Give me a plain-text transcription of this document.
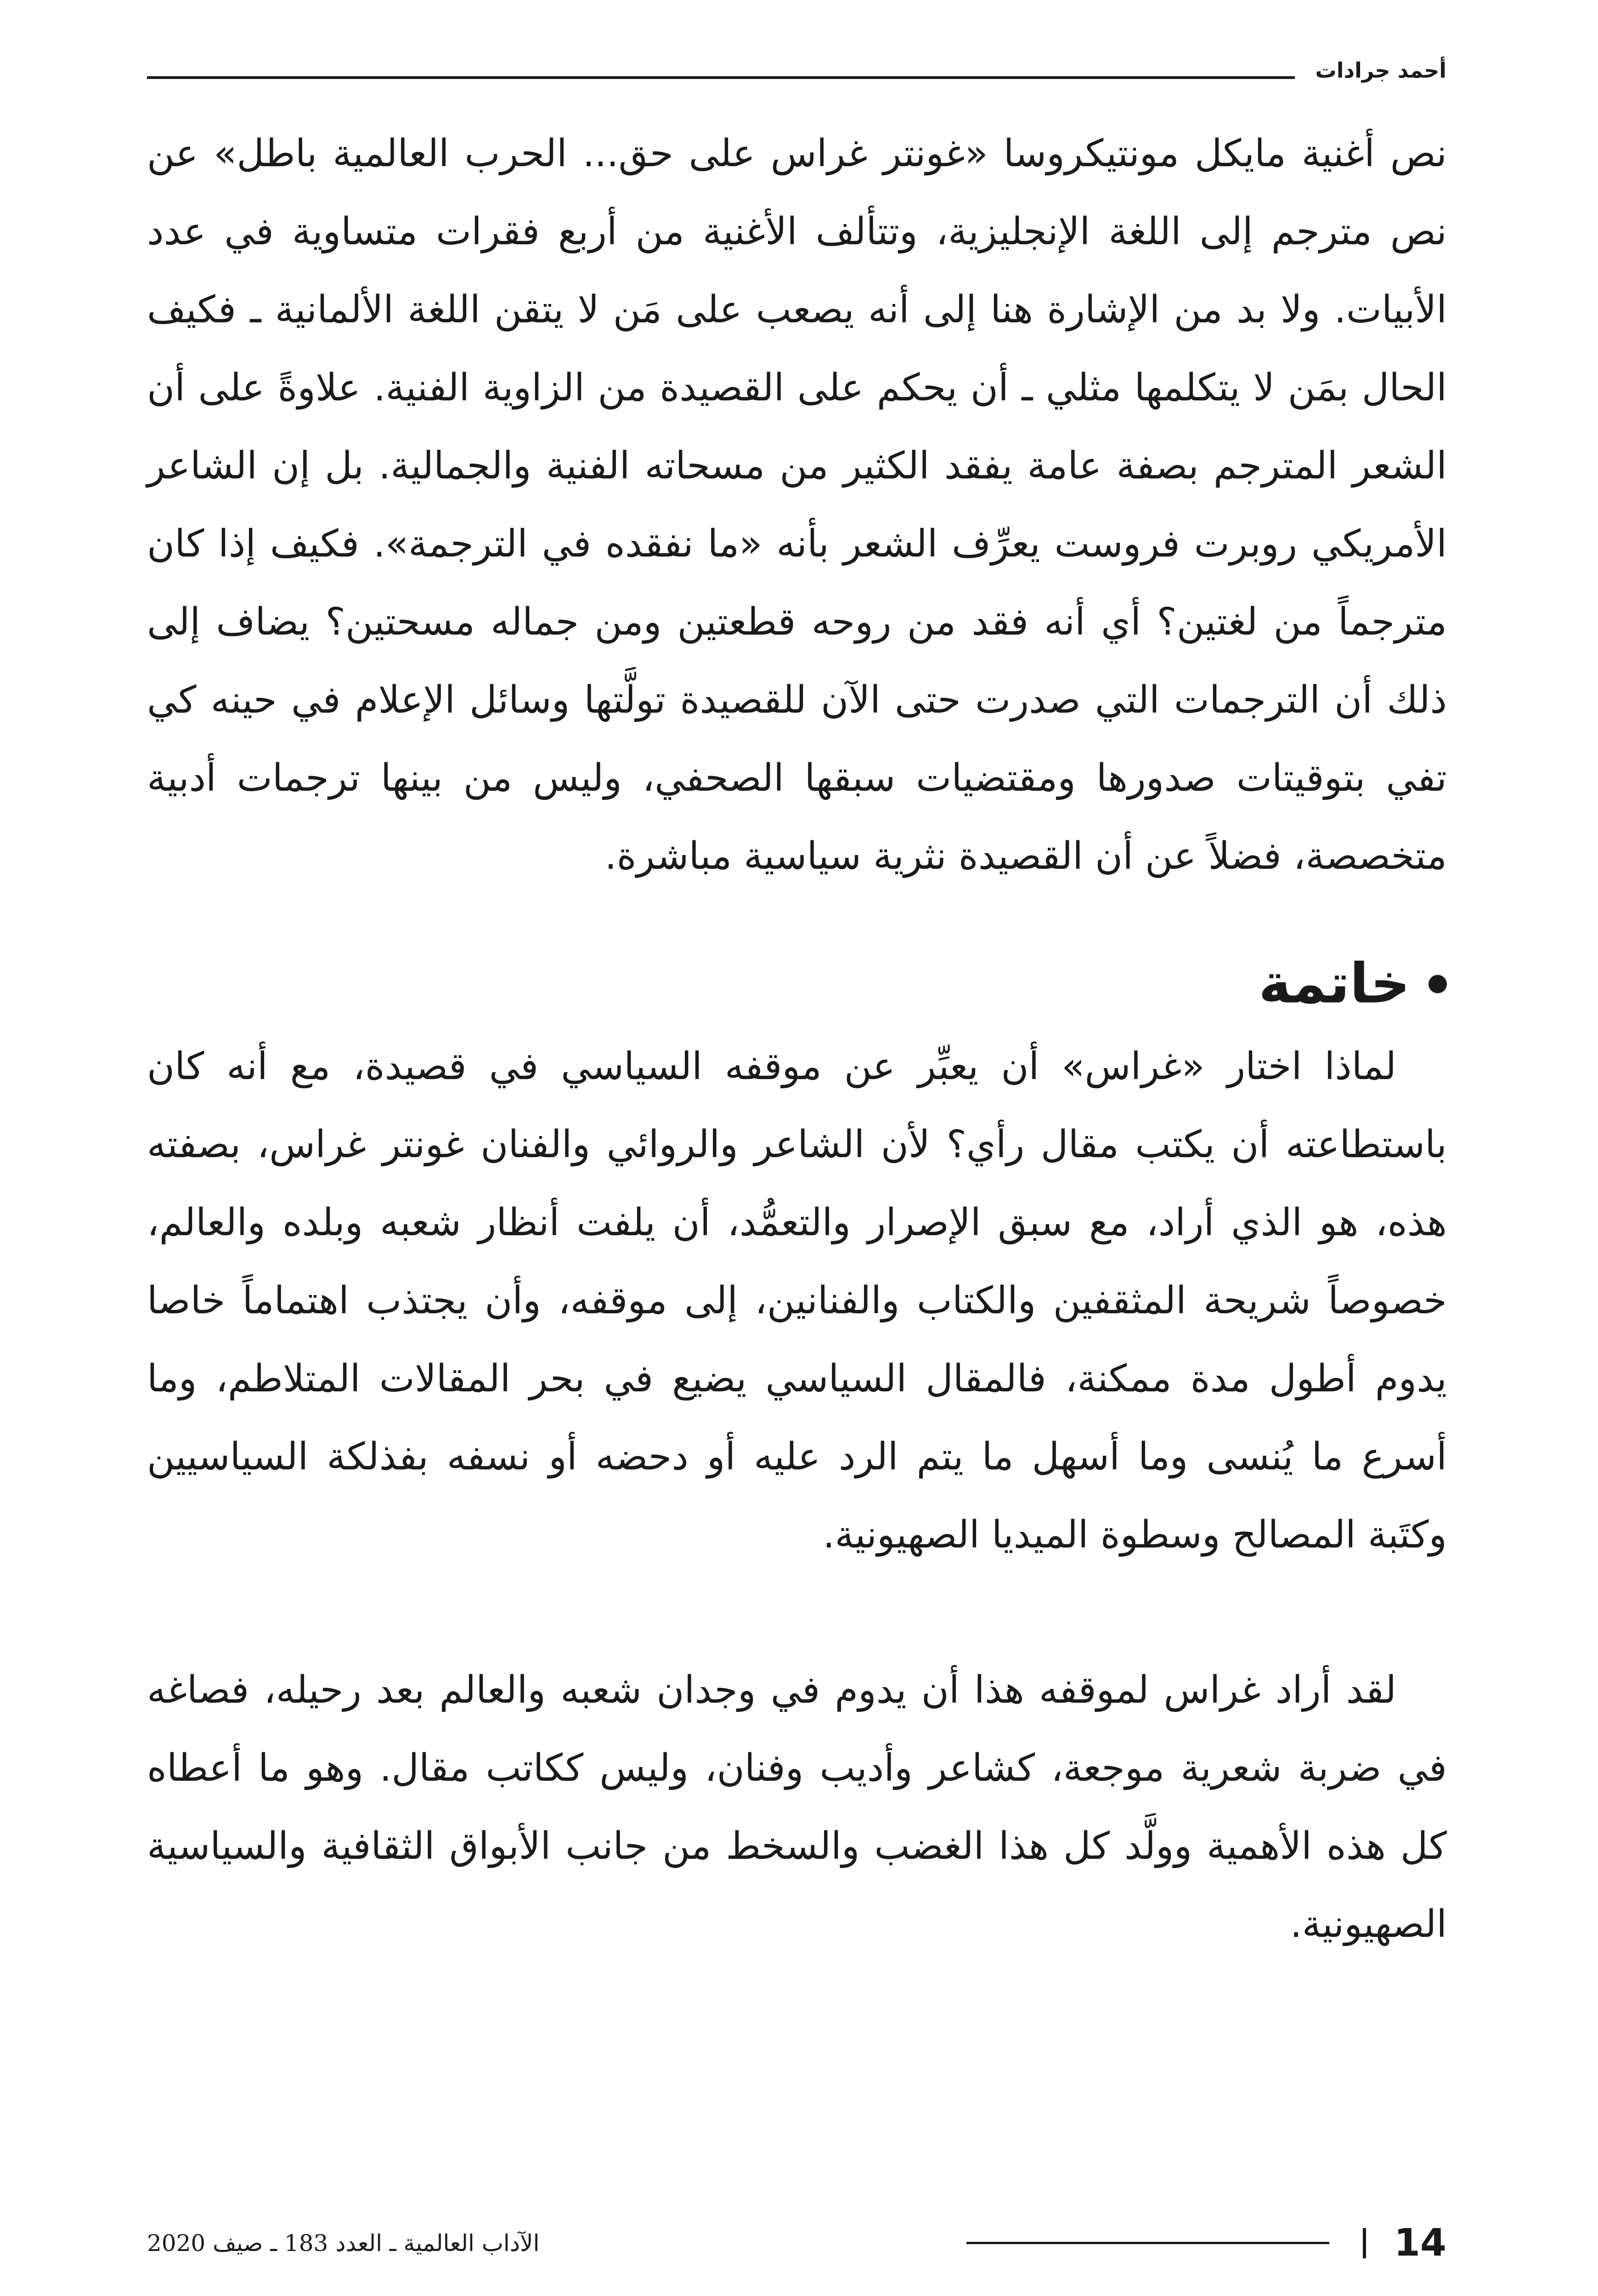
أحمد جرادات

نص أغنية مايكل مونتيكروسا «غونتر غراس على حق... الحرب العالمية باطل» عن نص مترجم إلى اللغة الإنجليزية، وتتألف الأغنية من أربع فقرات متساوية في عدد الأبيات. ولا بد من الإشارة هنا إلى أنه يصعب على مَن لا يتقن اللغة الألمانية ـ فكيف الحال بمَن لا يتكلمها مثلي ـ أن يحكم على القصيدة من الزاوية الفنية. علاوةً على أن الشعر المترجم بصفة عامة يفقد الكثير من مسحاته الفنية والجمالية. بل إن الشاعر الأمريكي روبرت فروست يعرِّف الشعر بأنه «ما نفقده في الترجمة». فكيف إذا كان مترجماً من لغتين؟ أي أنه فقد من روحه قطعتين ومن جماله مسحتين؟ يضاف إلى ذلك أن الترجمات التي صدرت حتى الآن للقصيدة تولَّتها وسائل الإعلام في حينه كي تفي بتوقيتات صدورها ومقتضيات سبقها الصحفي، وليس من بينها ترجمات أدبية متخصصة، فضلاً عن أن القصيدة نثرية سياسية مباشرة.

خاتمة

لماذا اختار «غراس» أن يعبِّر عن موقفه السياسي في قصيدة، مع أنه كان باستطاعته أن يكتب مقال رأي؟ لأن الشاعر والروائي والفنان غونتر غراس، بصفته هذه، هو الذي أراد، مع سبق الإصرار والتعمُّد، أن يلفت أنظار شعبه وبلده والعالم، خصوصاً شريحة المثقفين والكتاب والفنانين، إلى موقفه، وأن يجتذب اهتماماً خاصا يدوم أطول مدة ممكنة، فالمقال السياسي يضيع في بحر المقالات المتلاطم، وما أسرع ما يُنسى وما أسهل ما يتم الرد عليه أو دحضه أو نسفه بفذلكة السياسيين وكتَبة المصالح وسطوة الميديا الصهيونية.

لقد أراد غراس لموقفه هذا أن يدوم في وجدان شعبه والعالم بعد رحيله، فصاغه في ضربة شعرية موجعة، كشاعر وأديب وفنان، وليس ككاتب مقال. وهو ما أعطاه كل هذه الأهمية وولَّد كل هذا الغضب والسخط من جانب الأبواق الثقافية والسياسية الصهيونية.

14
الآداب العالمية ـ العدد 183 ـ صيف 2020
